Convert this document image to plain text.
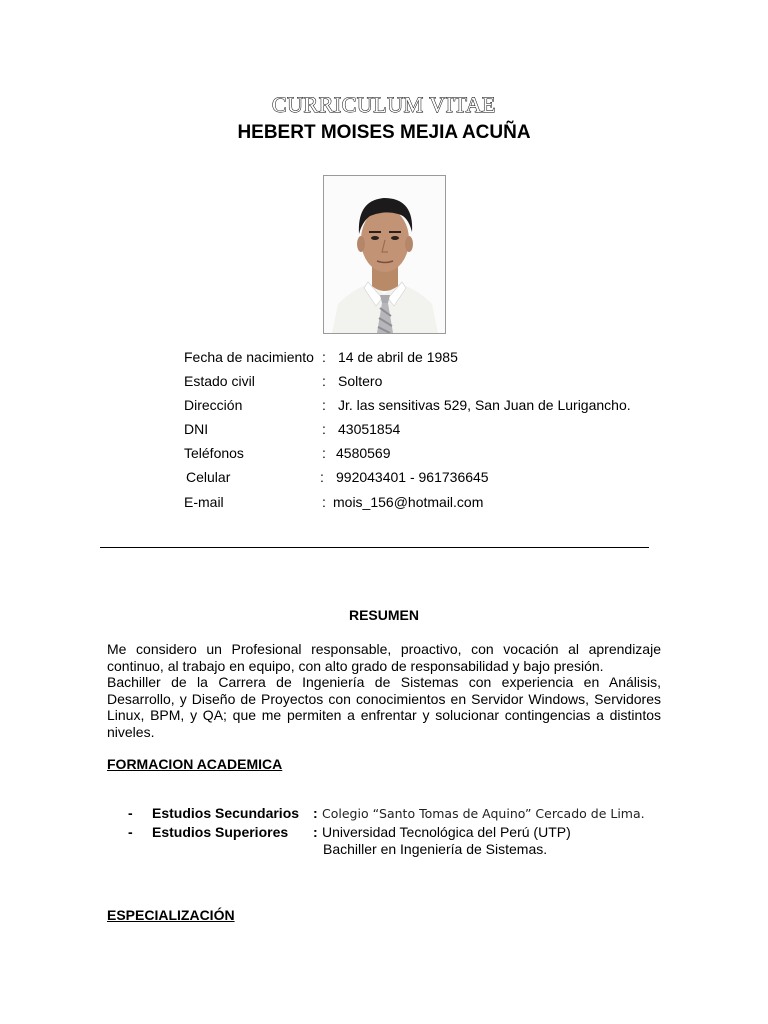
CURRICULUM VITAE
HEBERT MOISES MEJIA ACUÑA
Fecha de nacimiento : 14 de abril de 1985
Estado civil	: Soltero
Dirección	: Jr. las sensitivas 529, San Juan de Lurigancho.
DNI	: 43051854
Teléfonos	: 4580569
Celular	: 992043401 - 961736645
E-mail	: mois_156@hotmail.com
RESUMEN
Me considero un Profesional responsable, proactivo, con vocación al aprendizaje continuo, al trabajo en equipo, con alto grado de responsabilidad y bajo presión.
Bachiller de la Carrera de Ingeniería de Sistemas con experiencia en Análisis, Desarrollo, y Diseño de Proyectos con conocimientos en Servidor Windows, Servidores Linux, BPM, y QA; que me permiten a enfrentar y solucionar contingencias a distintos niveles.
FORMACION ACADEMICA
- Estudios Secundarios : Colegio “Santo Tomas de Aquino” Cercado de Lima.
- Estudios Superiores : Universidad Tecnológica del Perú (UTP)
Bachiller en Ingeniería de Sistemas.
ESPECIALIZACIÓN
